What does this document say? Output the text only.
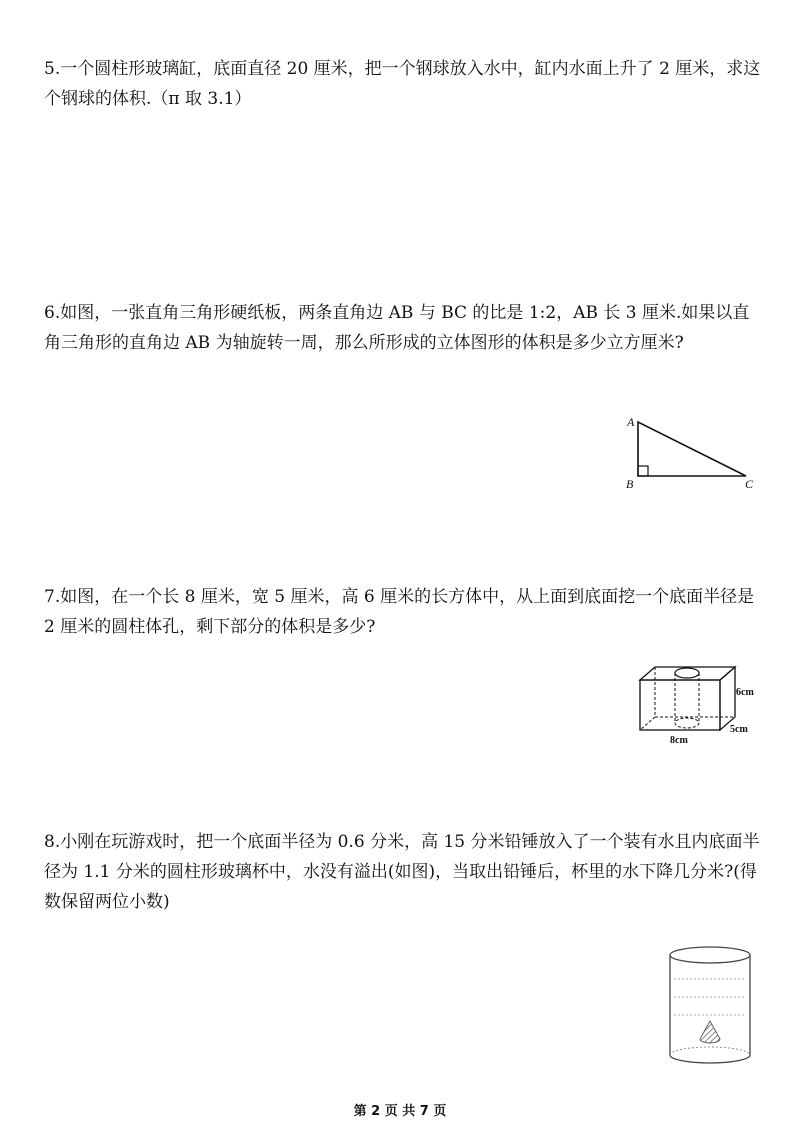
5.一个圆柱形玻璃缸，底面直径 20 厘米，把一个钢球放入水中，缸内水面上升了 2 厘米，求这个钢球的体积.（π 取 3.1）

6.如图，一张直角三角形硬纸板，两条直角边 AB 与 BC 的比是 1:2，AB 长 3 厘米.如果以直角三角形的直角边 AB 为轴旋转一周，那么所形成的立体图形的体积是多少立方厘米?

A
B	C

7.如图，在一个长 8 厘米，宽 5 厘米，高 6 厘米的长方体中，从上面到底面挖一个底面半径是 2 厘米的圆柱体孔，剩下部分的体积是多少?

6cm
5cm
8cm

8.小刚在玩游戏时，把一个底面半径为 0.6 分米，高 15 分米铅锤放入了一个装有水且内底面半径为 1.1 分米的圆柱形玻璃杯中，水没有溢出(如图)，当取出铅锤后，杯里的水下降几分米?(得数保留两位小数)

第 2 页 共 7 页
